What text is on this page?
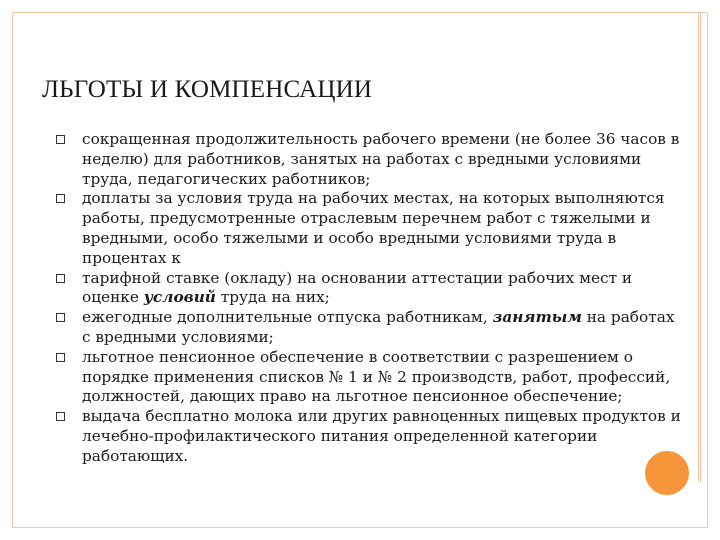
ЛЬГОТЫ И КОМПЕНСАЦИИ
сокращенная продолжительность рабочего времени (не более 36 часов в неделю) для работников, занятых на работах с вредными условиями труда, педагогических работников;
доплаты за условия труда на рабочих местах, на которых выполняются работы, предусмотренные отраслевым перечнем работ с тяжелыми и вредными, особо тяжелыми и особо вредными условиями труда в процентах к
тарифной ставке (окладу) на основании аттестации рабочих мест и оценке условий труда на них;
ежегодные дополнительные отпуска работникам, занятым на работах с вредными условиями;
льготное пенсионное обеспечение в соответствии с разрешением о порядке применения списков № 1 и № 2 производств, работ, профессий, должностей, дающих право на льготное пенсионное обеспечение;
выдача бесплатно молока или других равноценных пищевых продуктов и лечебно-профилактического питания определенной категории работающих.
